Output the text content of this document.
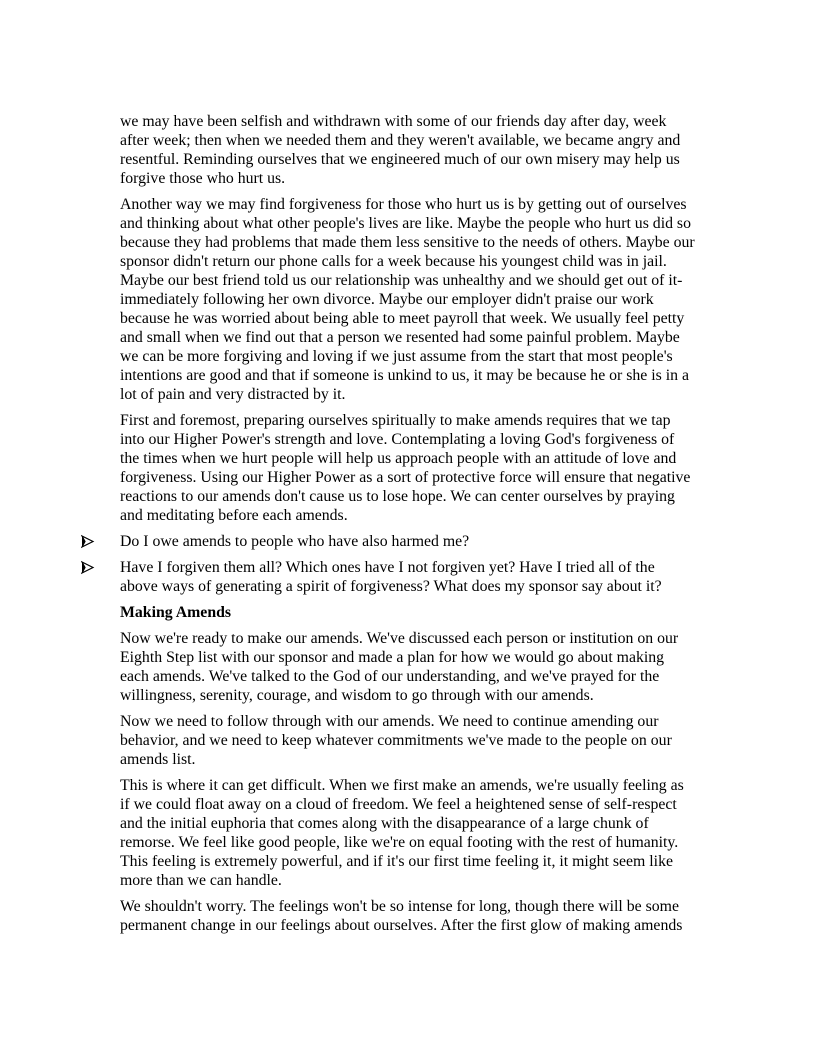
we may have been selfish and withdrawn with some of our friends day after day, week after week; then when we needed them and they weren't available, we became angry and resentful. Reminding ourselves that we engineered much of our own misery may help us forgive those who hurt us.

Another way we may find forgiveness for those who hurt us is by getting out of ourselves and thinking about what other people's lives are like. Maybe the people who hurt us did so because they had problems that made them less sensitive to the needs of others. Maybe our sponsor didn't return our phone calls for a week because his youngest child was in jail. Maybe our best friend told us our relationship was unhealthy and we should get out of it-immediately following her own divorce. Maybe our employer didn't praise our work because he was worried about being able to meet payroll that week. We usually feel petty and small when we find out that a person we resented had some painful problem. Maybe we can be more forgiving and loving if we just assume from the start that most people's intentions are good and that if someone is unkind to us, it may be because he or she is in a lot of pain and very distracted by it.

First and foremost, preparing ourselves spiritually to make amends requires that we tap into our Higher Power's strength and love. Contemplating a loving God's forgiveness of the times when we hurt people will help us approach people with an attitude of love and forgiveness. Using our Higher Power as a sort of protective force will ensure that negative reactions to our amends don't cause us to lose hope. We can center ourselves by praying and meditating before each amends.

Do I owe amends to people who have also harmed me?
Have I forgiven them all? Which ones have I not forgiven yet? Have I tried all of the above ways of generating a spirit of forgiveness? What does my sponsor say about it?

Making Amends

Now we're ready to make our amends. We've discussed each person or institution on our Eighth Step list with our sponsor and made a plan for how we would go about making each amends. We've talked to the God of our understanding, and we've prayed for the willingness, serenity, courage, and wisdom to go through with our amends.

Now we need to follow through with our amends. We need to continue amending our behavior, and we need to keep whatever commitments we've made to the people on our amends list.

This is where it can get difficult. When we first make an amends, we're usually feeling as if we could float away on a cloud of freedom. We feel a heightened sense of self-respect and the initial euphoria that comes along with the disappearance of a large chunk of remorse. We feel like good people, like we're on equal footing with the rest of humanity. This feeling is extremely powerful, and if it's our first time feeling it, it might seem like more than we can handle.

We shouldn't worry. The feelings won't be so intense for long, though there will be some permanent change in our feelings about ourselves. After the first glow of making amends
